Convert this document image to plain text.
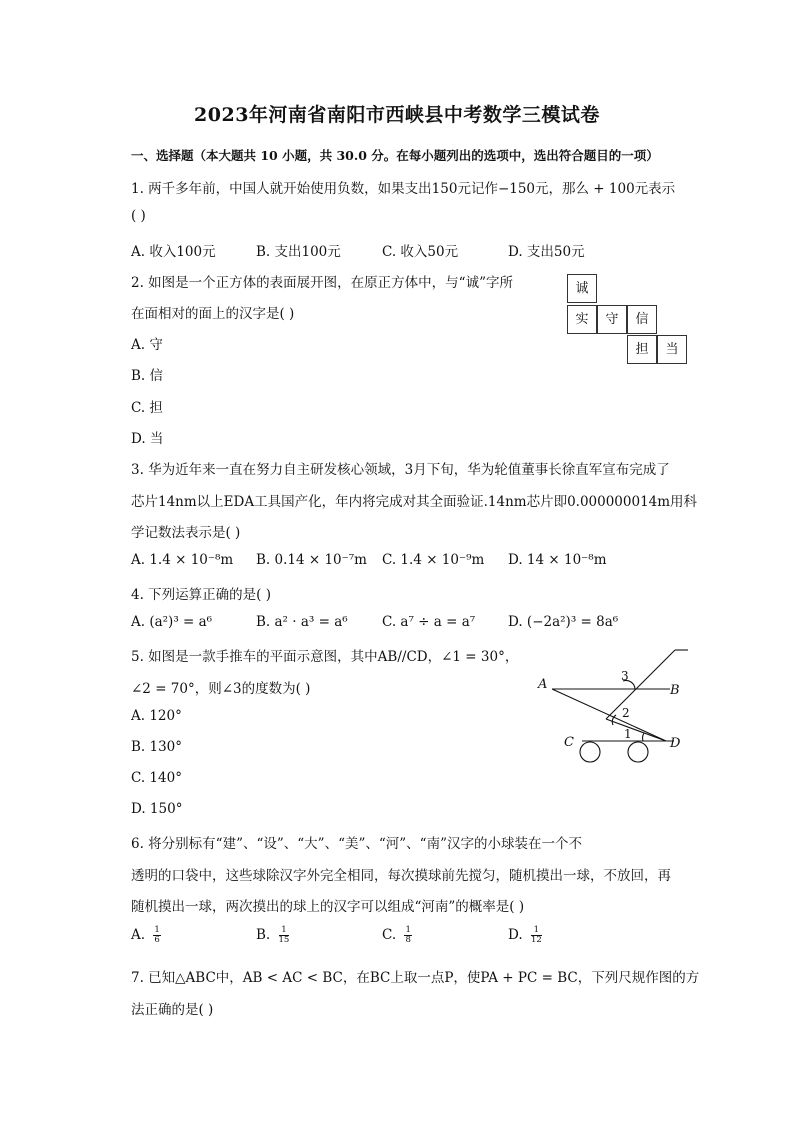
2023年河南省南阳市西峡县中考数学三模试卷
一、选择题（本大题共 10 小题，共 30.0 分。在每小题列出的选项中，选出符合题目的一项）
1. 两千多年前，中国人就开始使用负数，如果支出150元记作−150元，那么 + 100元表示
( )
A. 收入100元	B. 支出100元	C. 收入50元	D. 支出50元
2. 如图是一个正方体的表面展开图，在原正方体中，与“诚”字所
在面相对的面上的汉字是( )
A. 守
B. 信
C. 担
D. 当
诚
实	守	信
担	当
3. 华为近年来一直在努力自主研发核心领域，3月下旬，华为轮值董事长徐直军宣布完成了
芯片14nm以上EDA工具国产化，年内将完成对其全面验证.14nm芯片即0.000000014m用科
学记数法表示是( )
A. 1.4 × 10⁻⁸m B. 0.14 × 10⁻⁷m C. 1.4 × 10⁻⁹m D. 14 × 10⁻⁸m
4. 下列运算正确的是( )
A. (a²)³ = a⁶	B. a² · a³ = a⁶	C. a⁷ ÷ a = a⁷ D. (−2a²)³ = 8a⁶
5. 如图是一款手推车的平面示意图，其中AB//CD，∠1 = 30°，
∠2 = 70°，则∠3的度数为( )
A. 120°
B. 130°
C. 140°
D. 150°
A	B
C	D
3
2
1
6. 将分别标有“建”、“设”、“大”、“美”、“河”、“南”汉字的小球装在一个不
透明的口袋中，这些球除汉字外完全相同，每次摸球前先搅匀，随机摸出一球，不放回，再
随机摸出一球，两次摸出的球上的汉字可以组成“河南”的概率是( )
A. $\frac{1}{6}$	B. $\frac{1}{15}$	C. $\frac{1}{8}$	D. $\frac{1}{12}$
7. 已知△ABC中，AB < AC < BC，在BC上取一点P，使PA + PC = BC，下列尺规作图的方
法正确的是( )
